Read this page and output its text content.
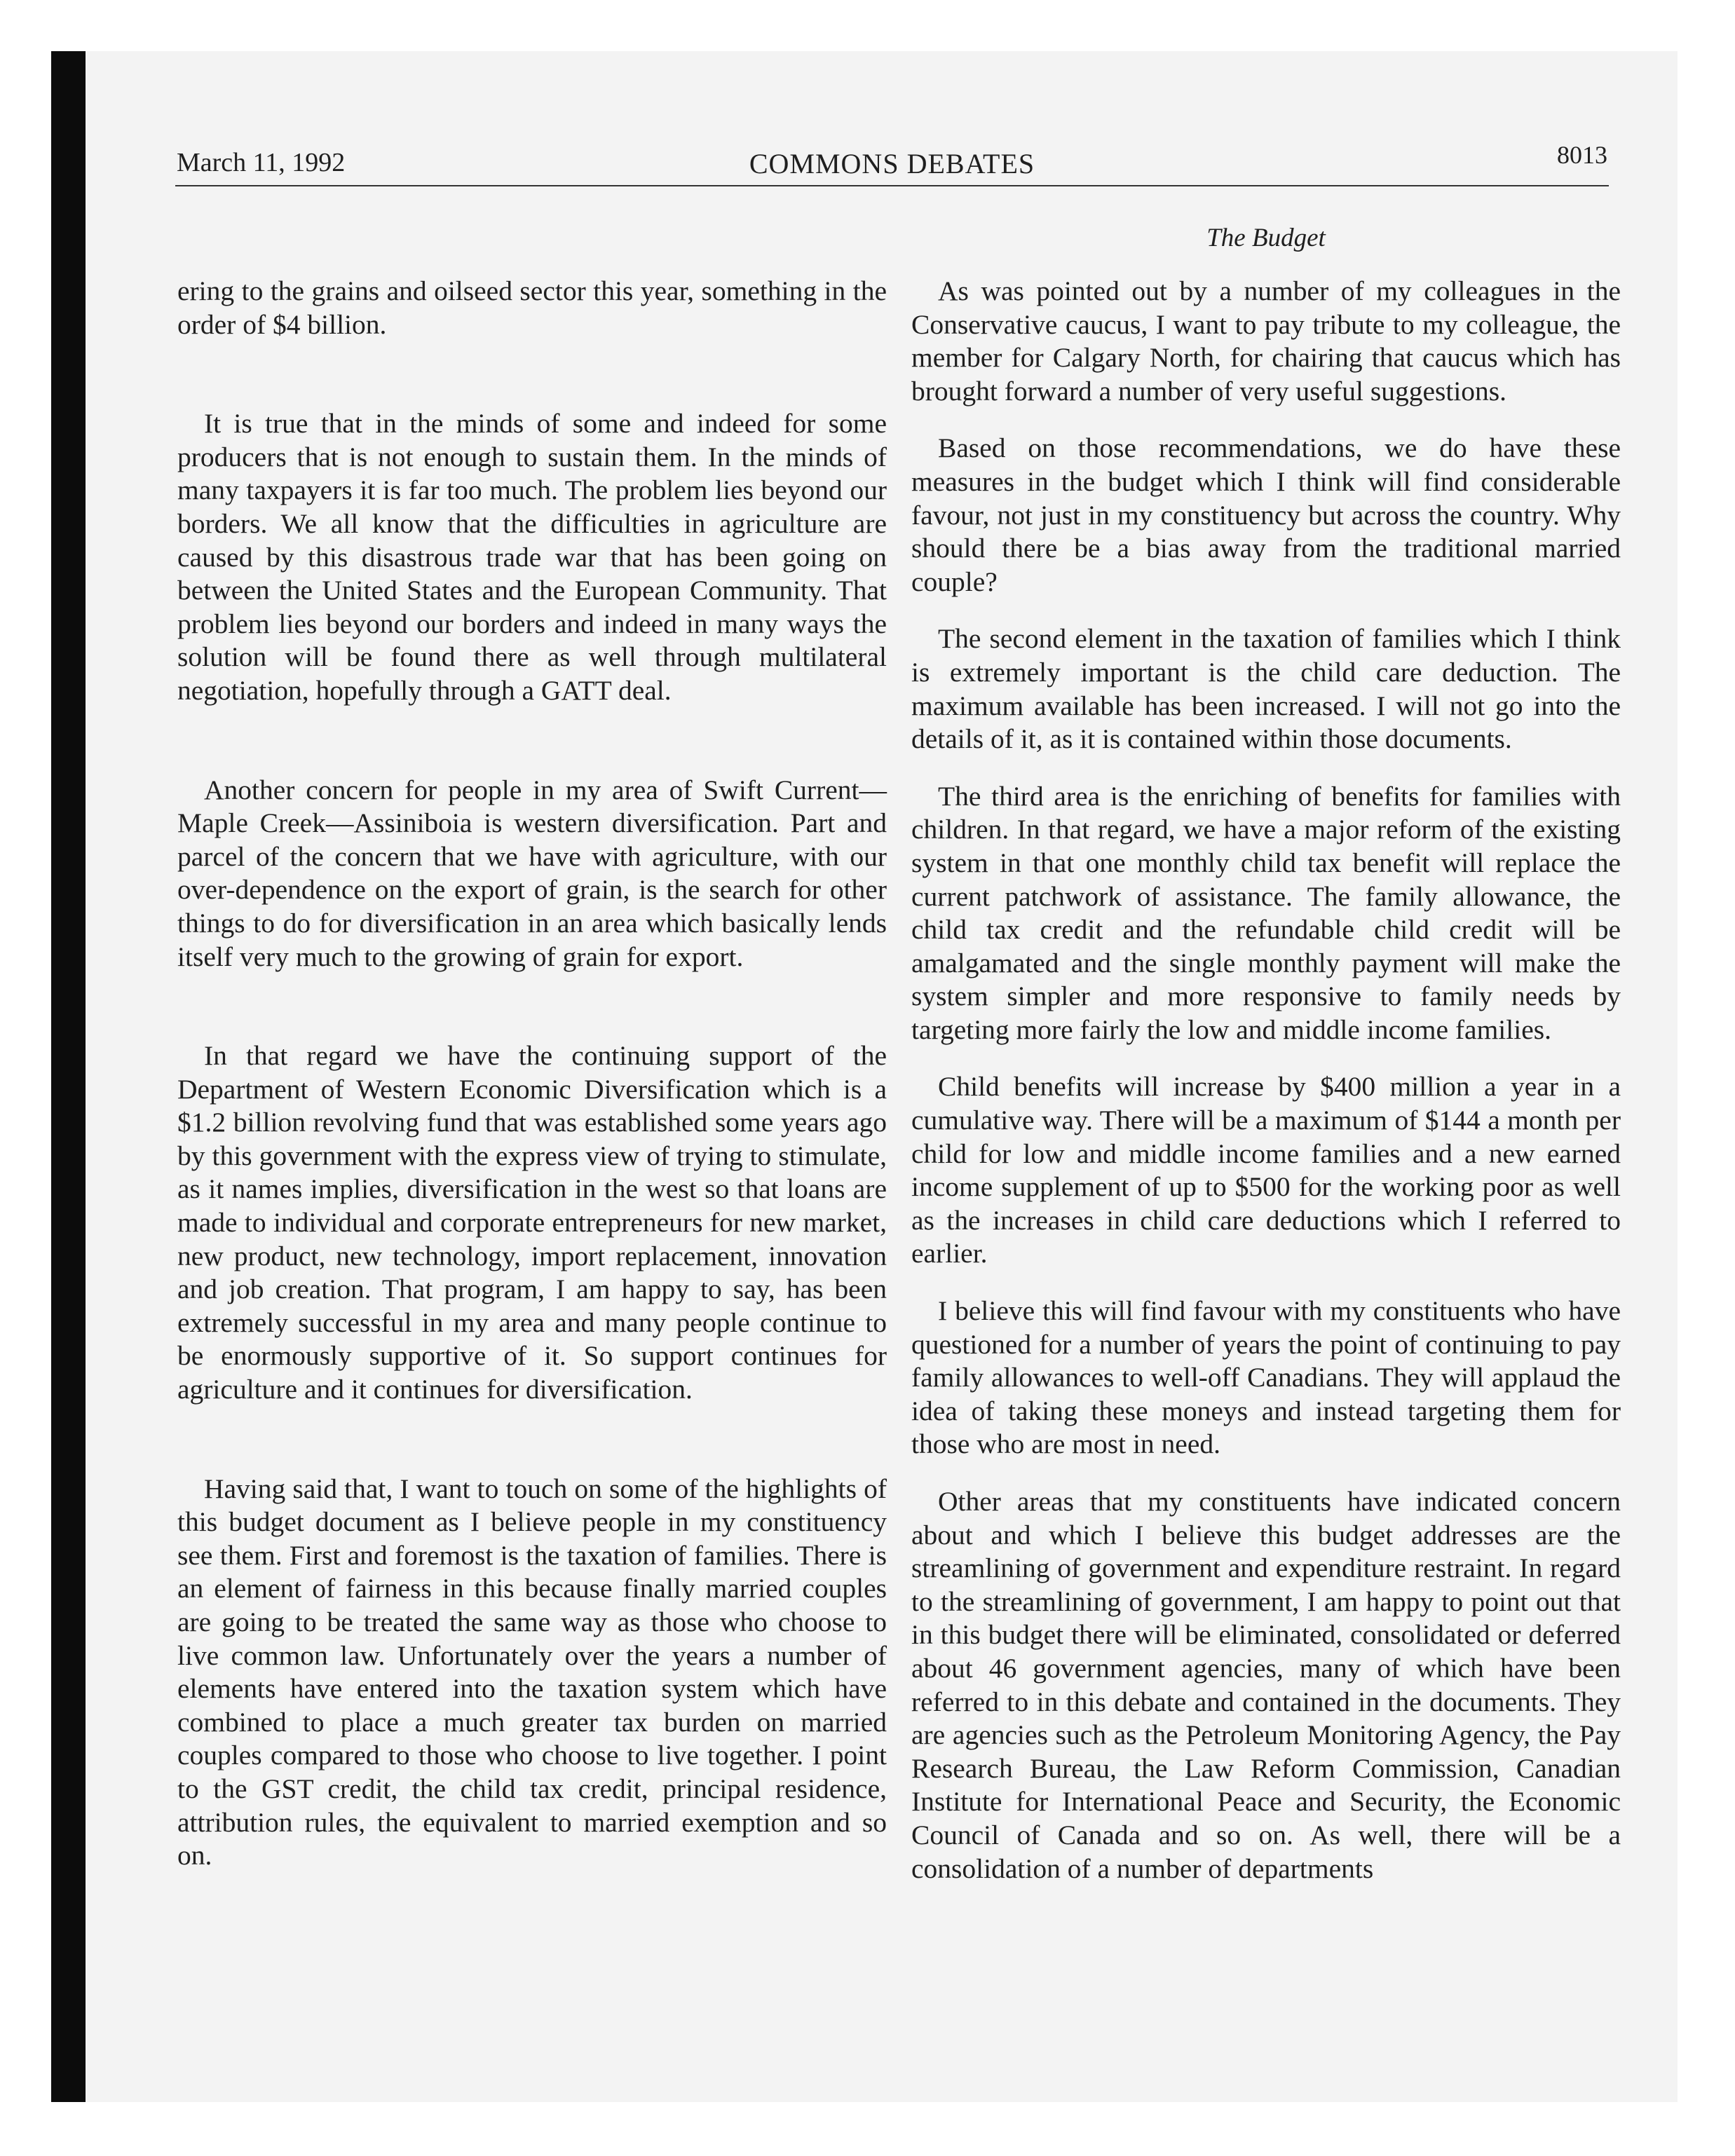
March 11, 1992	COMMONS DEBATES	8013
The Budget

ering to the grains and oilseed sector this year, something in the order of $4 billion.

It is true that in the minds of some and indeed for some producers that is not enough to sustain them. In the minds of many taxpayers it is far too much. The problem lies beyond our borders. We all know that the difficulties in agriculture are caused by this disastrous trade war that has been going on between the United States and the European Community. That problem lies beyond our borders and indeed in many ways the solution will be found there as well through multilateral negotiation, hopefully through a GATT deal.

Another concern for people in my area of Swift Current—Maple Creek—Assiniboia is western diversification. Part and parcel of the concern that we have with agriculture, with our over-dependence on the export of grain, is the search for other things to do for diversification in an area which basically lends itself very much to the growing of grain for export.

In that regard we have the continuing support of the Department of Western Economic Diversification which is a $1.2 billion revolving fund that was established some years ago by this government with the express view of trying to stimulate, as it names implies, diversification in the west so that loans are made to individual and corporate entrepreneurs for new market, new product, new technology, import replacement, innovation and job creation. That program, I am happy to say, has been extremely successful in my area and many people continue to be enormously supportive of it. So support continues for agriculture and it continues for diversification.

Having said that, I want to touch on some of the highlights of this budget document as I believe people in my constituency see them. First and foremost is the taxation of families. There is an element of fairness in this because finally married couples are going to be treated the same way as those who choose to live common law. Unfortunately over the years a number of elements have entered into the taxation system which have combined to place a much greater tax burden on married couples compared to those who choose to live together. I point to the GST credit, the child tax credit, principal residence, attribution rules, the equivalent to married exemption and so on.

As was pointed out by a number of my colleagues in the Conservative caucus, I want to pay tribute to my colleague, the member for Calgary North, for chairing that caucus which has brought forward a number of very useful suggestions.

Based on those recommendations, we do have these measures in the budget which I think will find considerable favour, not just in my constituency but across the country. Why should there be a bias away from the traditional married couple?

The second element in the taxation of families which I think is extremely important is the child care deduction. The maximum available has been increased. I will not go into the details of it, as it is contained within those documents.

The third area is the enriching of benefits for families with children. In that regard, we have a major reform of the existing system in that one monthly child tax benefit will replace the current patchwork of assistance. The family allowance, the child tax credit and the refundable child credit will be amalgamated and the single monthly payment will make the system simpler and more responsive to family needs by targeting more fairly the low and middle income families.

Child benefits will increase by $400 million a year in a cumulative way. There will be a maximum of $144 a month per child for low and middle income families and a new earned income supplement of up to $500 for the working poor as well as the increases in child care deductions which I referred to earlier.

I believe this will find favour with my constituents who have questioned for a number of years the point of continuing to pay family allowances to well-off Canadians. They will applaud the idea of taking these moneys and instead targeting them for those who are most in need.

Other areas that my constituents have indicated concern about and which I believe this budget addresses are the streamlining of government and expenditure restraint. In regard to the streamlining of government, I am happy to point out that in this budget there will be eliminated, consolidated or deferred about 46 government agencies, many of which have been referred to in this debate and contained in the documents. They are agencies such as the Petroleum Monitoring Agency, the Pay Research Bureau, the Law Reform Commission, Canadian Institute for International Peace and Security, the Economic Council of Canada and so on. As well, there will be a consolidation of a number of departments
